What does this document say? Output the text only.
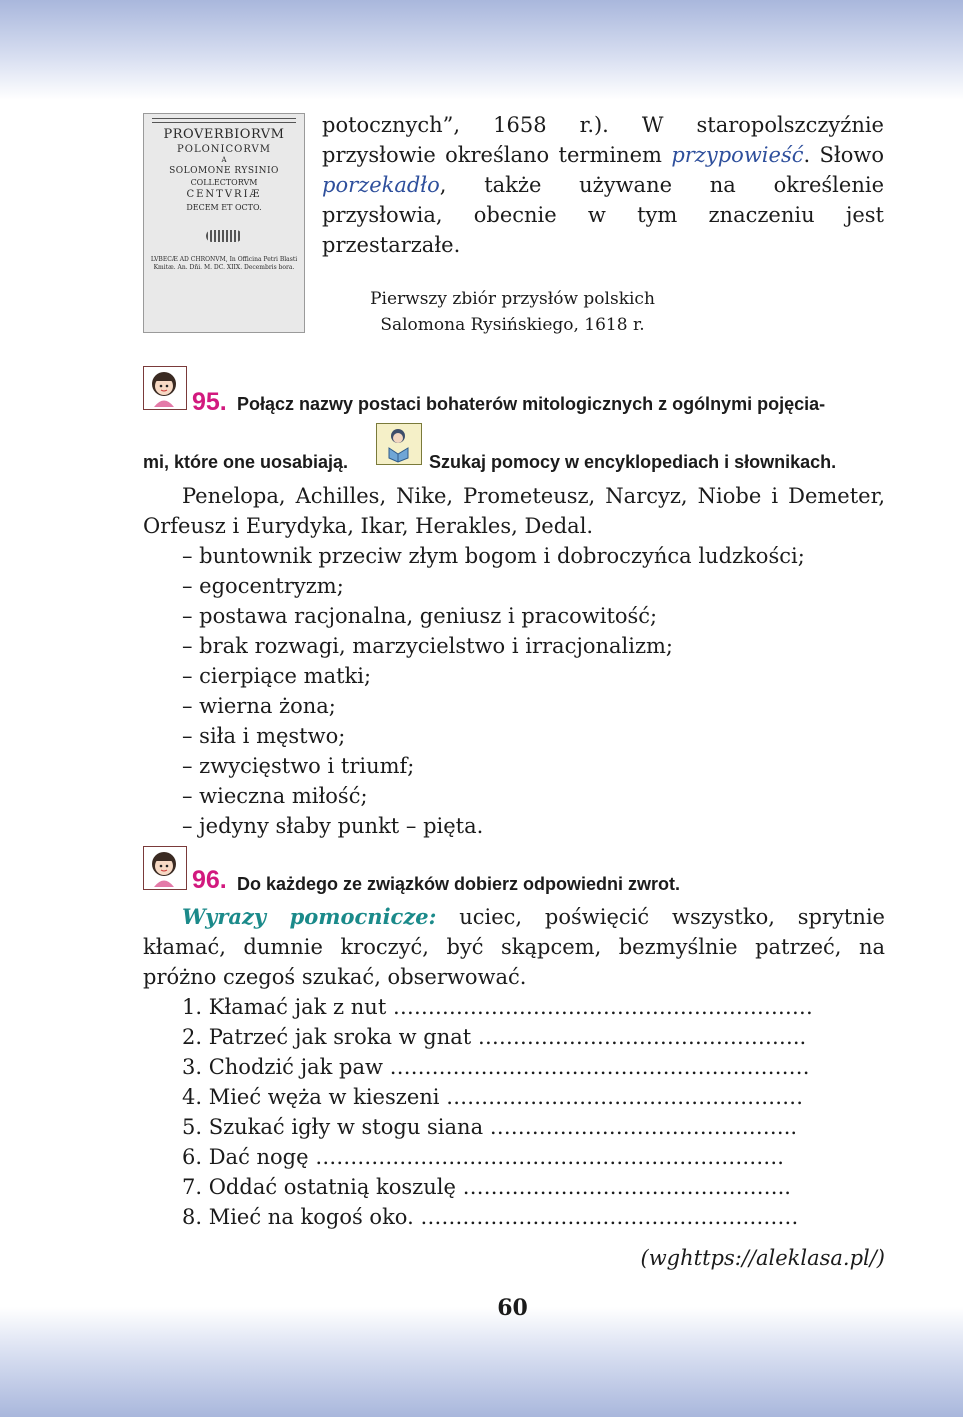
PROVERBIORVM
POLONICORVM
A
SOLOMONE RYSINIO
COLLECTORVM
CENTVRIÆ
DECEM ET OCTO.
LVBECÆ AD CHRONVM, In Officina Petri Blasti Kmitæ. An. Dñi. M. DC. XIIX. Decembris bora.

potocznych”, 1658 r.). W staropolszczyźnie przysłowie określano terminem przypowieść. Słowo porzekadło, także używane na określenie przysłowia, obecnie w tym znaczeniu jest przestarzałe.

Pierwszy zbiór przysłów polskich
Salomona Rysińskiego, 1618 r.
95. Połącz nazwy postaci bohaterów mitologicznych z ogólnymi pojęcia-
mi, które one uosabiają.	Szukaj pomocy w encyklopediach i słownikach.

Penelopa, Achilles, Nike, Prometeusz, Narcyz, Niobe i Demeter, Orfeusz i Eurydyka, Ikar, Herakles, Dedal.

– buntownik przeciw złym bogom i dobroczyńca ludzkości;
– egocentryzm;
– postawa racjonalna, geniusz i pracowitość;
– brak rozwagi, marzycielstwo i irracjonalizm;
– cierpiące matki;
– wierna żona;
– siła i męstwo;
– zwycięstwo i triumf;
– wieczna miłość;
– jedyny słaby punkt – pięta.
96. Do każdego ze związków dobierz odpowiedni zwrot.

Wyrazy pomocnicze: uciec, poświęcić wszystko, sprytnie kłamać, dumnie kroczyć, być skąpcem, bezmyślnie patrzeć, na próżno czegoś szukać, obserwować.

1. Kłamać jak z nut ……………………………………………………
2. Patrzeć jak sroka w gnat ………………………………………..
3. Chodzić jak paw ……………………………………………………
4. Mieć węża w kieszeni ……………………………………………
5. Szukać igły w stogu siana ……………………………………..
6. Dać nogę ………………………………………………………….
7. Oddać ostatnią koszulę ………………………………………..
8. Mieć na kogoś oko. ………………………………………………
(wghttps://aleklasa.pl/)
60
